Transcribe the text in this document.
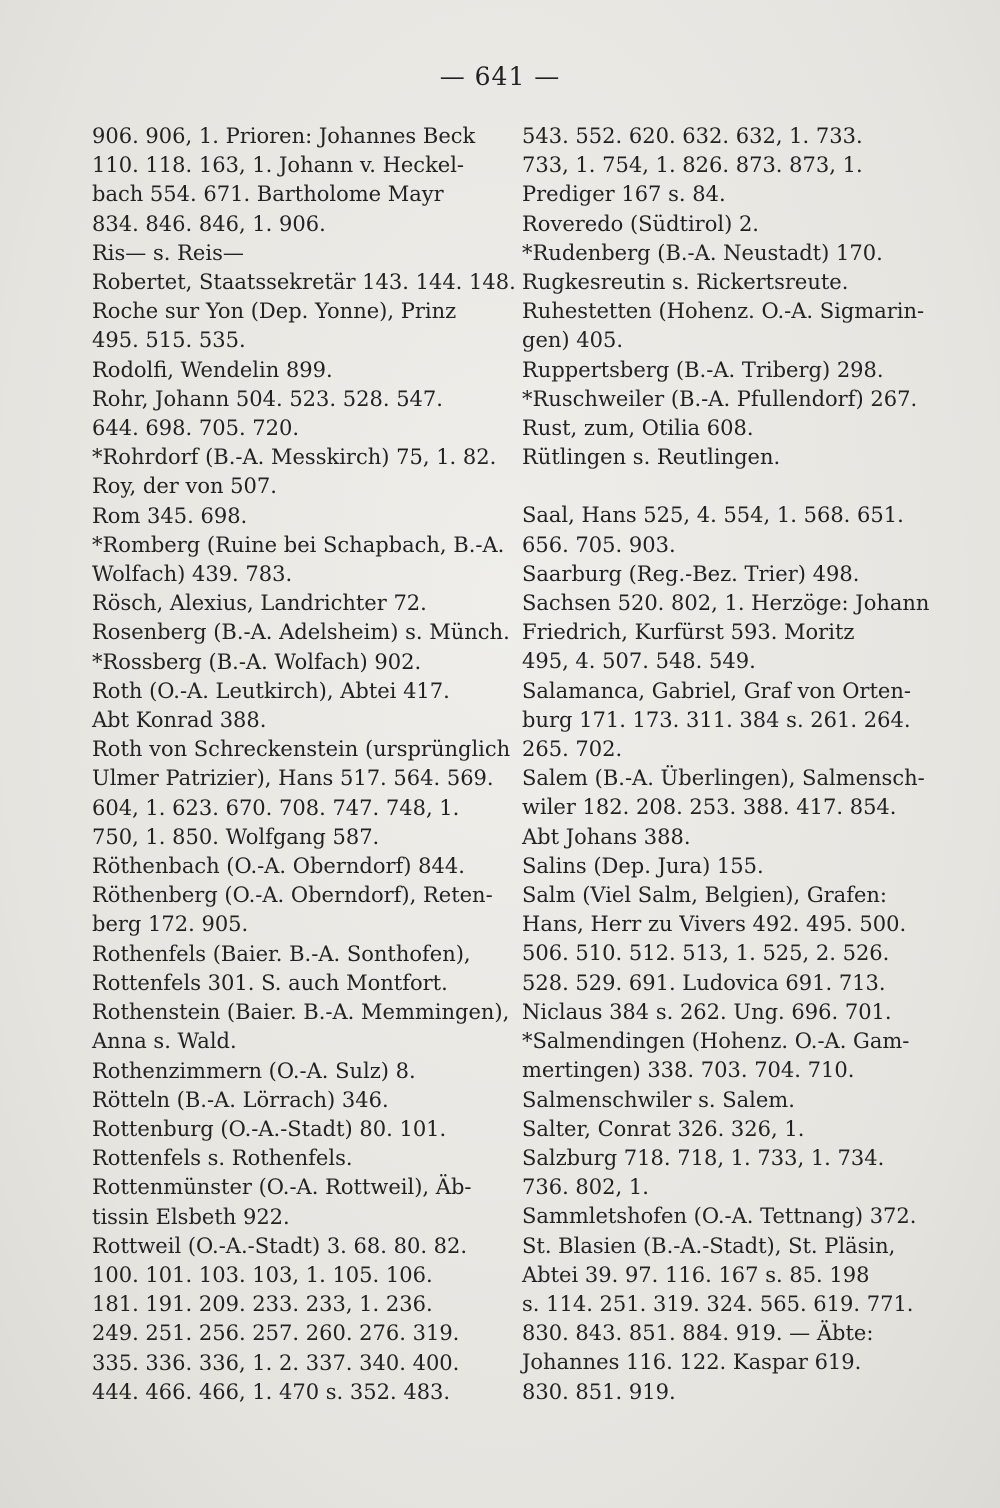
— 641 —

906. 906, 1. Prioren: Johannes Beck
110. 118. 163, 1. Johann v. Heckel-
bach 554. 671. Bartholome Mayr
834. 846. 846, 1. 906.

Ris— s. Reis—

Robertet, Staatssekretär 143. 144. 148.

Roche sur Yon (Dep. Yonne), Prinz
495. 515. 535.

Rodolfi, Wendelin 899.

Rohr, Johann 504. 523. 528. 547.
644. 698. 705. 720.

*Rohrdorf (B.-A. Messkirch) 75, 1. 82.

Roy, der von 507.

Rom 345. 698.

*Romberg (Ruine bei Schapbach, B.-A.
Wolfach) 439. 783.

Rösch, Alexius, Landrichter 72.

Rosenberg (B.-A. Adelsheim) s. Münch.

*Rossberg (B.-A. Wolfach) 902.

Roth (O.-A. Leutkirch), Abtei 417.
Abt Konrad 388.

Roth von Schreckenstein (ursprünglich
Ulmer Patrizier), Hans 517. 564. 569.
604, 1. 623. 670. 708. 747. 748, 1.
750, 1. 850. Wolfgang 587.

Röthenbach (O.-A. Oberndorf) 844.

Röthenberg (O.-A. Oberndorf), Reten-
berg 172. 905.

Rothenfels (Baier. B.-A. Sonthofen),
Rottenfels 301. S. auch Montfort.

Rothenstein (Baier. B.-A. Memmingen),
Anna s. Wald.

Rothenzimmern (O.-A. Sulz) 8.

Rötteln (B.-A. Lörrach) 346.

Rottenburg (O.-A.-Stadt) 80. 101.

Rottenfels s. Rothenfels.

Rottenmünster (O.-A. Rottweil), Äb-
tissin Elsbeth 922.

Rottweil (O.-A.-Stadt) 3. 68. 80. 82.
100. 101. 103. 103, 1. 105. 106.
181. 191. 209. 233. 233, 1. 236.
249. 251. 256. 257. 260. 276. 319.
335. 336. 336, 1. 2. 337. 340. 400.
444. 466. 466, 1. 470 s. 352. 483.

543. 552. 620. 632. 632, 1. 733.
733, 1. 754, 1. 826. 873. 873, 1.
Prediger 167 s. 84.

Roveredo (Südtirol) 2.

*Rudenberg (B.-A. Neustadt) 170.

Rugkesreutin s. Rickertsreute.

Ruhestetten (Hohenz. O.-A. Sigmarin-
gen) 405.

Ruppertsberg (B.-A. Triberg) 298.

*Ruschweiler (B.-A. Pfullendorf) 267.

Rust, zum, Otilia 608.

Rütlingen s. Reutlingen.

Saal, Hans 525, 4. 554, 1. 568. 651.
656. 705. 903.

Saarburg (Reg.-Bez. Trier) 498.

Sachsen 520. 802, 1. Herzöge: Johann
Friedrich, Kurfürst 593. Moritz
495, 4. 507. 548. 549.

Salamanca, Gabriel, Graf von Orten-
burg 171. 173. 311. 384 s. 261. 264.
265. 702.

Salem (B.-A. Überlingen), Salmensch-
wiler 182. 208. 253. 388. 417. 854.
Abt Johans 388.

Salins (Dep. Jura) 155.

Salm (Viel Salm, Belgien), Grafen:
Hans, Herr zu Vivers 492. 495. 500.
506. 510. 512. 513, 1. 525, 2. 526.
528. 529. 691. Ludovica 691. 713.
Niclaus 384 s. 262. Ung. 696. 701.

*Salmendingen (Hohenz. O.-A. Gam-
mertingen) 338. 703. 704. 710.

Salmenschwiler s. Salem.

Salter, Conrat 326. 326, 1.

Salzburg 718. 718, 1. 733, 1. 734.
736. 802, 1.

Sammletshofen (O.-A. Tettnang) 372.

St. Blasien (B.-A.-Stadt), St. Pläsin,
Abtei 39. 97. 116. 167 s. 85. 198
s. 114. 251. 319. 324. 565. 619. 771.
830. 843. 851. 884. 919. — Äbte:
Johannes 116. 122. Kaspar 619.
830. 851. 919.
